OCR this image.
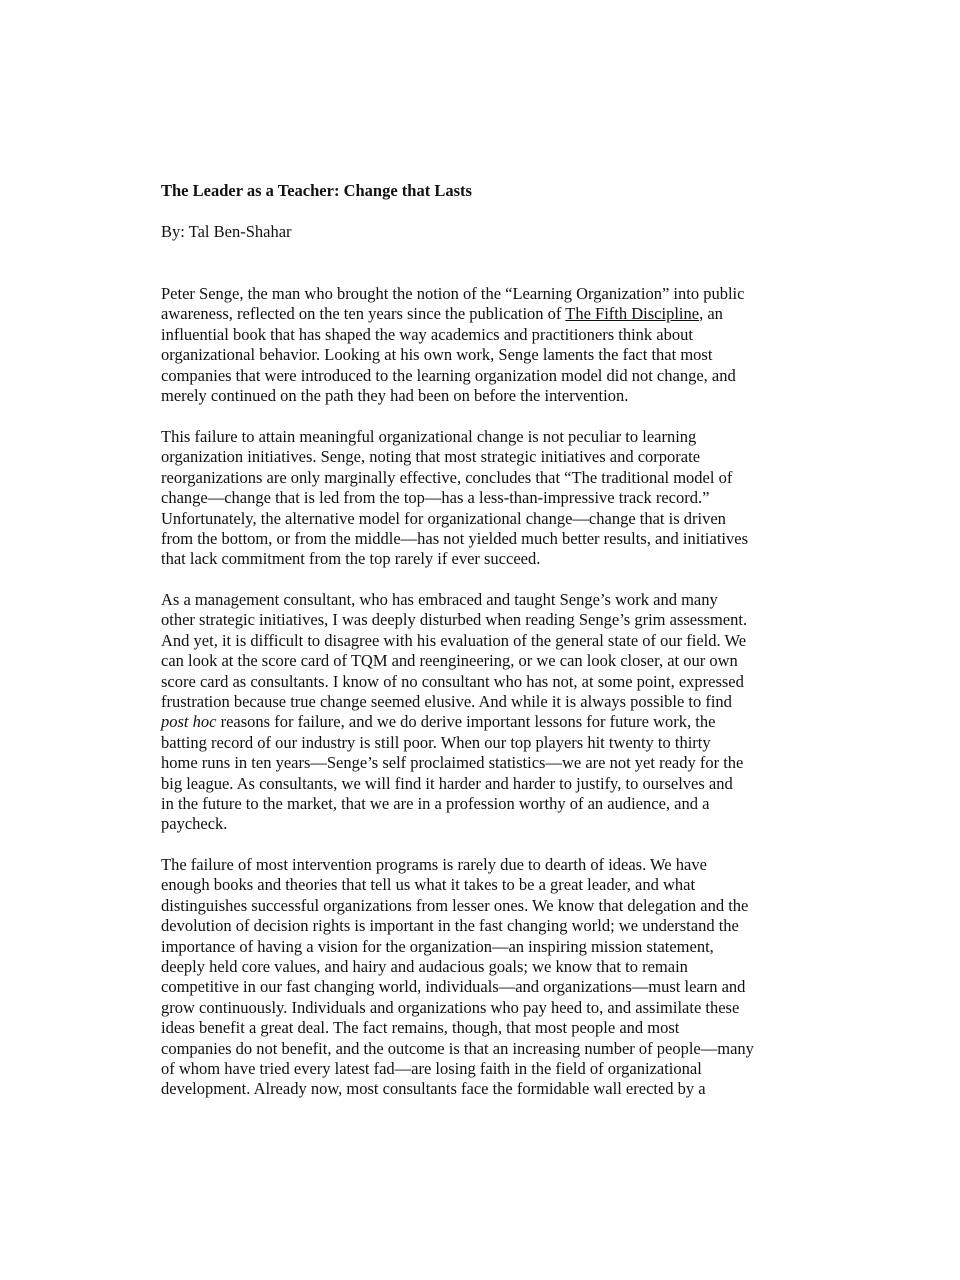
The Leader as a Teacher: Change that Lasts
By: Tal Ben-Shahar
Peter Senge, the man who brought the notion of the “Learning Organization” into public
awareness, reflected on the ten years since the publication of The Fifth Discipline, an
influential book that has shaped the way academics and practitioners think about
organizational behavior. Looking at his own work, Senge laments the fact that most
companies that were introduced to the learning organization model did not change, and
merely continued on the path they had been on before the intervention.
This failure to attain meaningful organizational change is not peculiar to learning
organization initiatives. Senge, noting that most strategic initiatives and corporate
reorganizations are only marginally effective, concludes that “The traditional model of
change—change that is led from the top—has a less-than-impressive track record.”
Unfortunately, the alternative model for organizational change—change that is driven
from the bottom, or from the middle—has not yielded much better results, and initiatives
that lack commitment from the top rarely if ever succeed.
As a management consultant, who has embraced and taught Senge’s work and many
other strategic initiatives, I was deeply disturbed when reading Senge’s grim assessment.
And yet, it is difficult to disagree with his evaluation of the general state of our field. We
can look at the score card of TQM and reengineering, or we can look closer, at our own
score card as consultants. I know of no consultant who has not, at some point, expressed
frustration because true change seemed elusive. And while it is always possible to find
post hoc reasons for failure, and we do derive important lessons for future work, the
batting record of our industry is still poor. When our top players hit twenty to thirty
home runs in ten years—Senge’s self proclaimed statistics—we are not yet ready for the
big league. As consultants, we will find it harder and harder to justify, to ourselves and
in the future to the market, that we are in a profession worthy of an audience, and a
paycheck.
The failure of most intervention programs is rarely due to dearth of ideas. We have
enough books and theories that tell us what it takes to be a great leader, and what
distinguishes successful organizations from lesser ones. We know that delegation and the
devolution of decision rights is important in the fast changing world; we understand the
importance of having a vision for the organization—an inspiring mission statement,
deeply held core values, and hairy and audacious goals; we know that to remain
competitive in our fast changing world, individuals—and organizations—must learn and
grow continuously. Individuals and organizations who pay heed to, and assimilate these
ideas benefit a great deal. The fact remains, though, that most people and most
companies do not benefit, and the outcome is that an increasing number of people—many
of whom have tried every latest fad—are losing faith in the field of organizational
development. Already now, most consultants face the formidable wall erected by a
